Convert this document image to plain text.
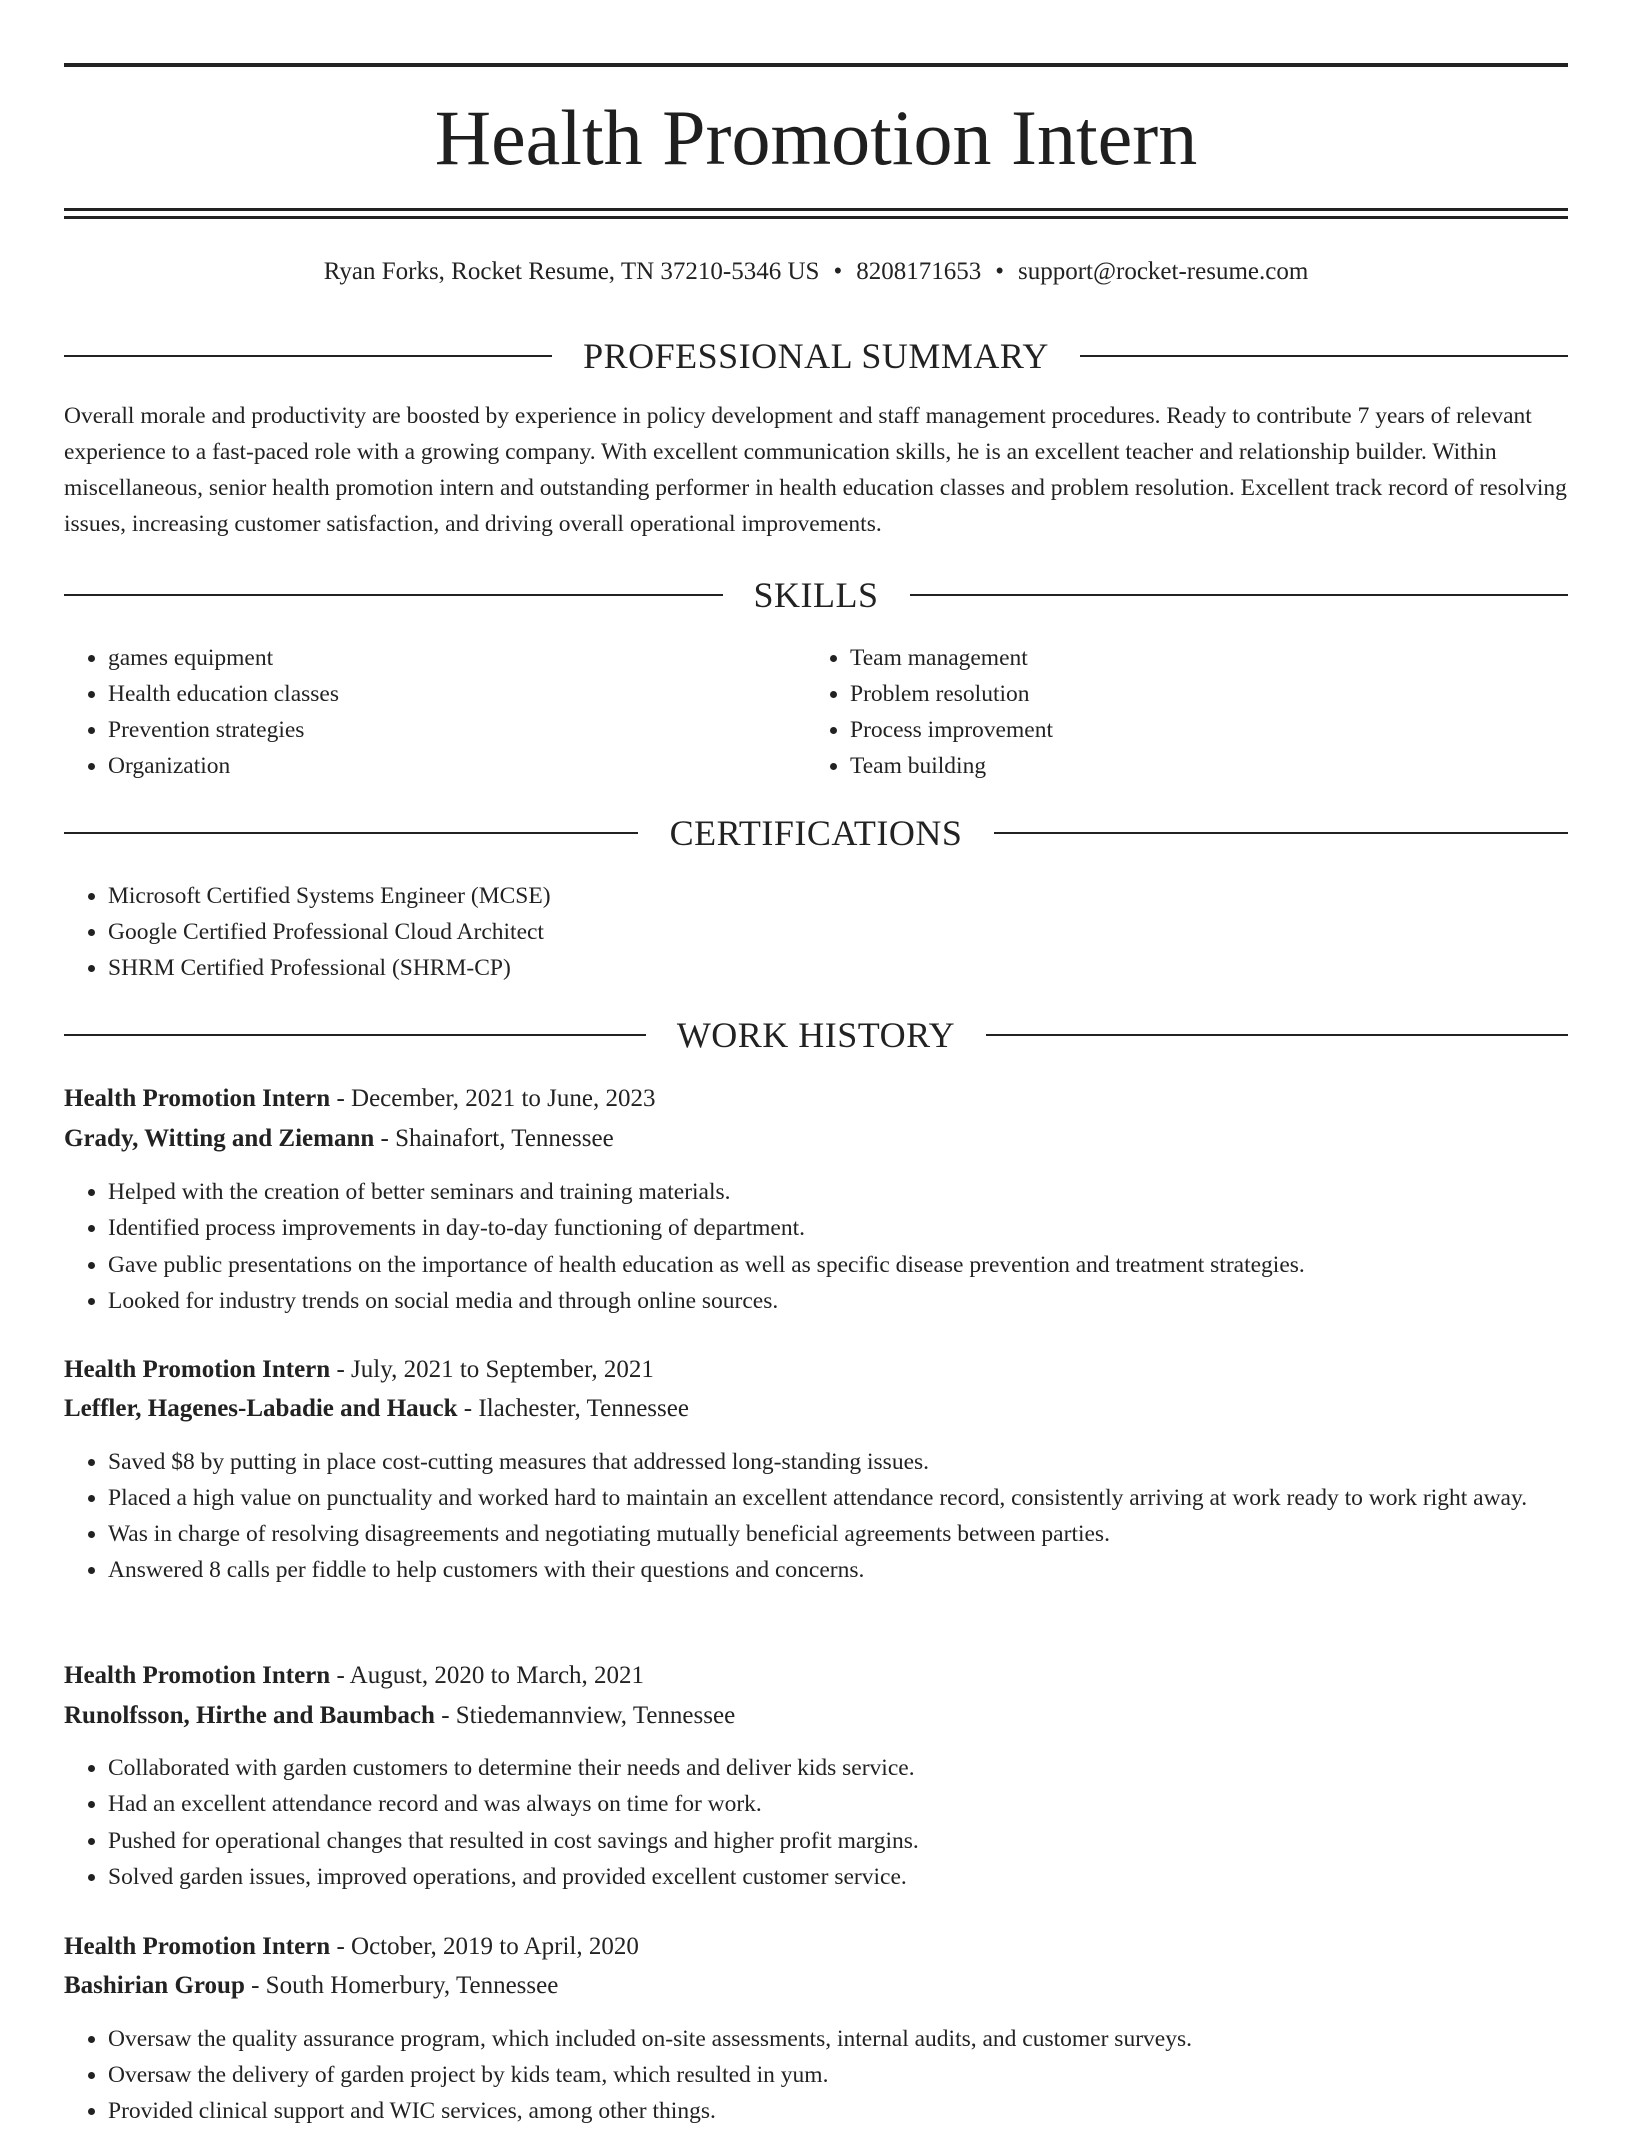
Health Promotion Intern
Ryan Forks, Rocket Resume, TN 37210-5346 US • 8208171653 • support@rocket-resume.com
PROFESSIONAL SUMMARY

Overall morale and productivity are boosted by experience in policy development and staff management procedures. Ready to contribute 7 years of relevant experience to a fast-paced role with a growing company. With excellent communication skills, he is an excellent teacher and relationship builder. Within miscellaneous, senior health promotion intern and outstanding performer in health education classes and problem resolution. Excellent track record of resolving issues, increasing customer satisfaction, and driving overall operational improvements.

SKILLS
• games equipment
• Health education classes
• Prevention strategies
• Organization
• Team management
• Problem resolution
• Process improvement
• Team building
CERTIFICATIONS
• Microsoft Certified Systems Engineer (MCSE)
• Google Certified Professional Cloud Architect
• SHRM Certified Professional (SHRM-CP)
WORK HISTORY
Health Promotion Intern - December, 2021 to June, 2023
Grady, Witting and Ziemann - Shainafort, Tennessee
• Helped with the creation of better seminars and training materials.
• Identified process improvements in day-to-day functioning of department.
• Gave public presentations on the importance of health education as well as specific disease prevention and treatment strategies.
• Looked for industry trends on social media and through online sources.
Health Promotion Intern - July, 2021 to September, 2021
Leffler, Hagenes-Labadie and Hauck - Ilachester, Tennessee
• Saved $8 by putting in place cost-cutting measures that addressed long-standing issues.
• Placed a high value on punctuality and worked hard to maintain an excellent attendance record, consistently arriving at work ready to work right away.
• Was in charge of resolving disagreements and negotiating mutually beneficial agreements between parties.
• Answered 8 calls per fiddle to help customers with their questions and concerns.
Health Promotion Intern - August, 2020 to March, 2021
Runolfsson, Hirthe and Baumbach - Stiedemannview, Tennessee
• Collaborated with garden customers to determine their needs and deliver kids service.
• Had an excellent attendance record and was always on time for work.
• Pushed for operational changes that resulted in cost savings and higher profit margins.
• Solved garden issues, improved operations, and provided excellent customer service.
Health Promotion Intern - October, 2019 to April, 2020
Bashirian Group - South Homerbury, Tennessee
• Oversaw the quality assurance program, which included on-site assessments, internal audits, and customer surveys.
• Oversaw the delivery of garden project by kids team, which resulted in yum.
• Provided clinical support and WIC services, among other things.
